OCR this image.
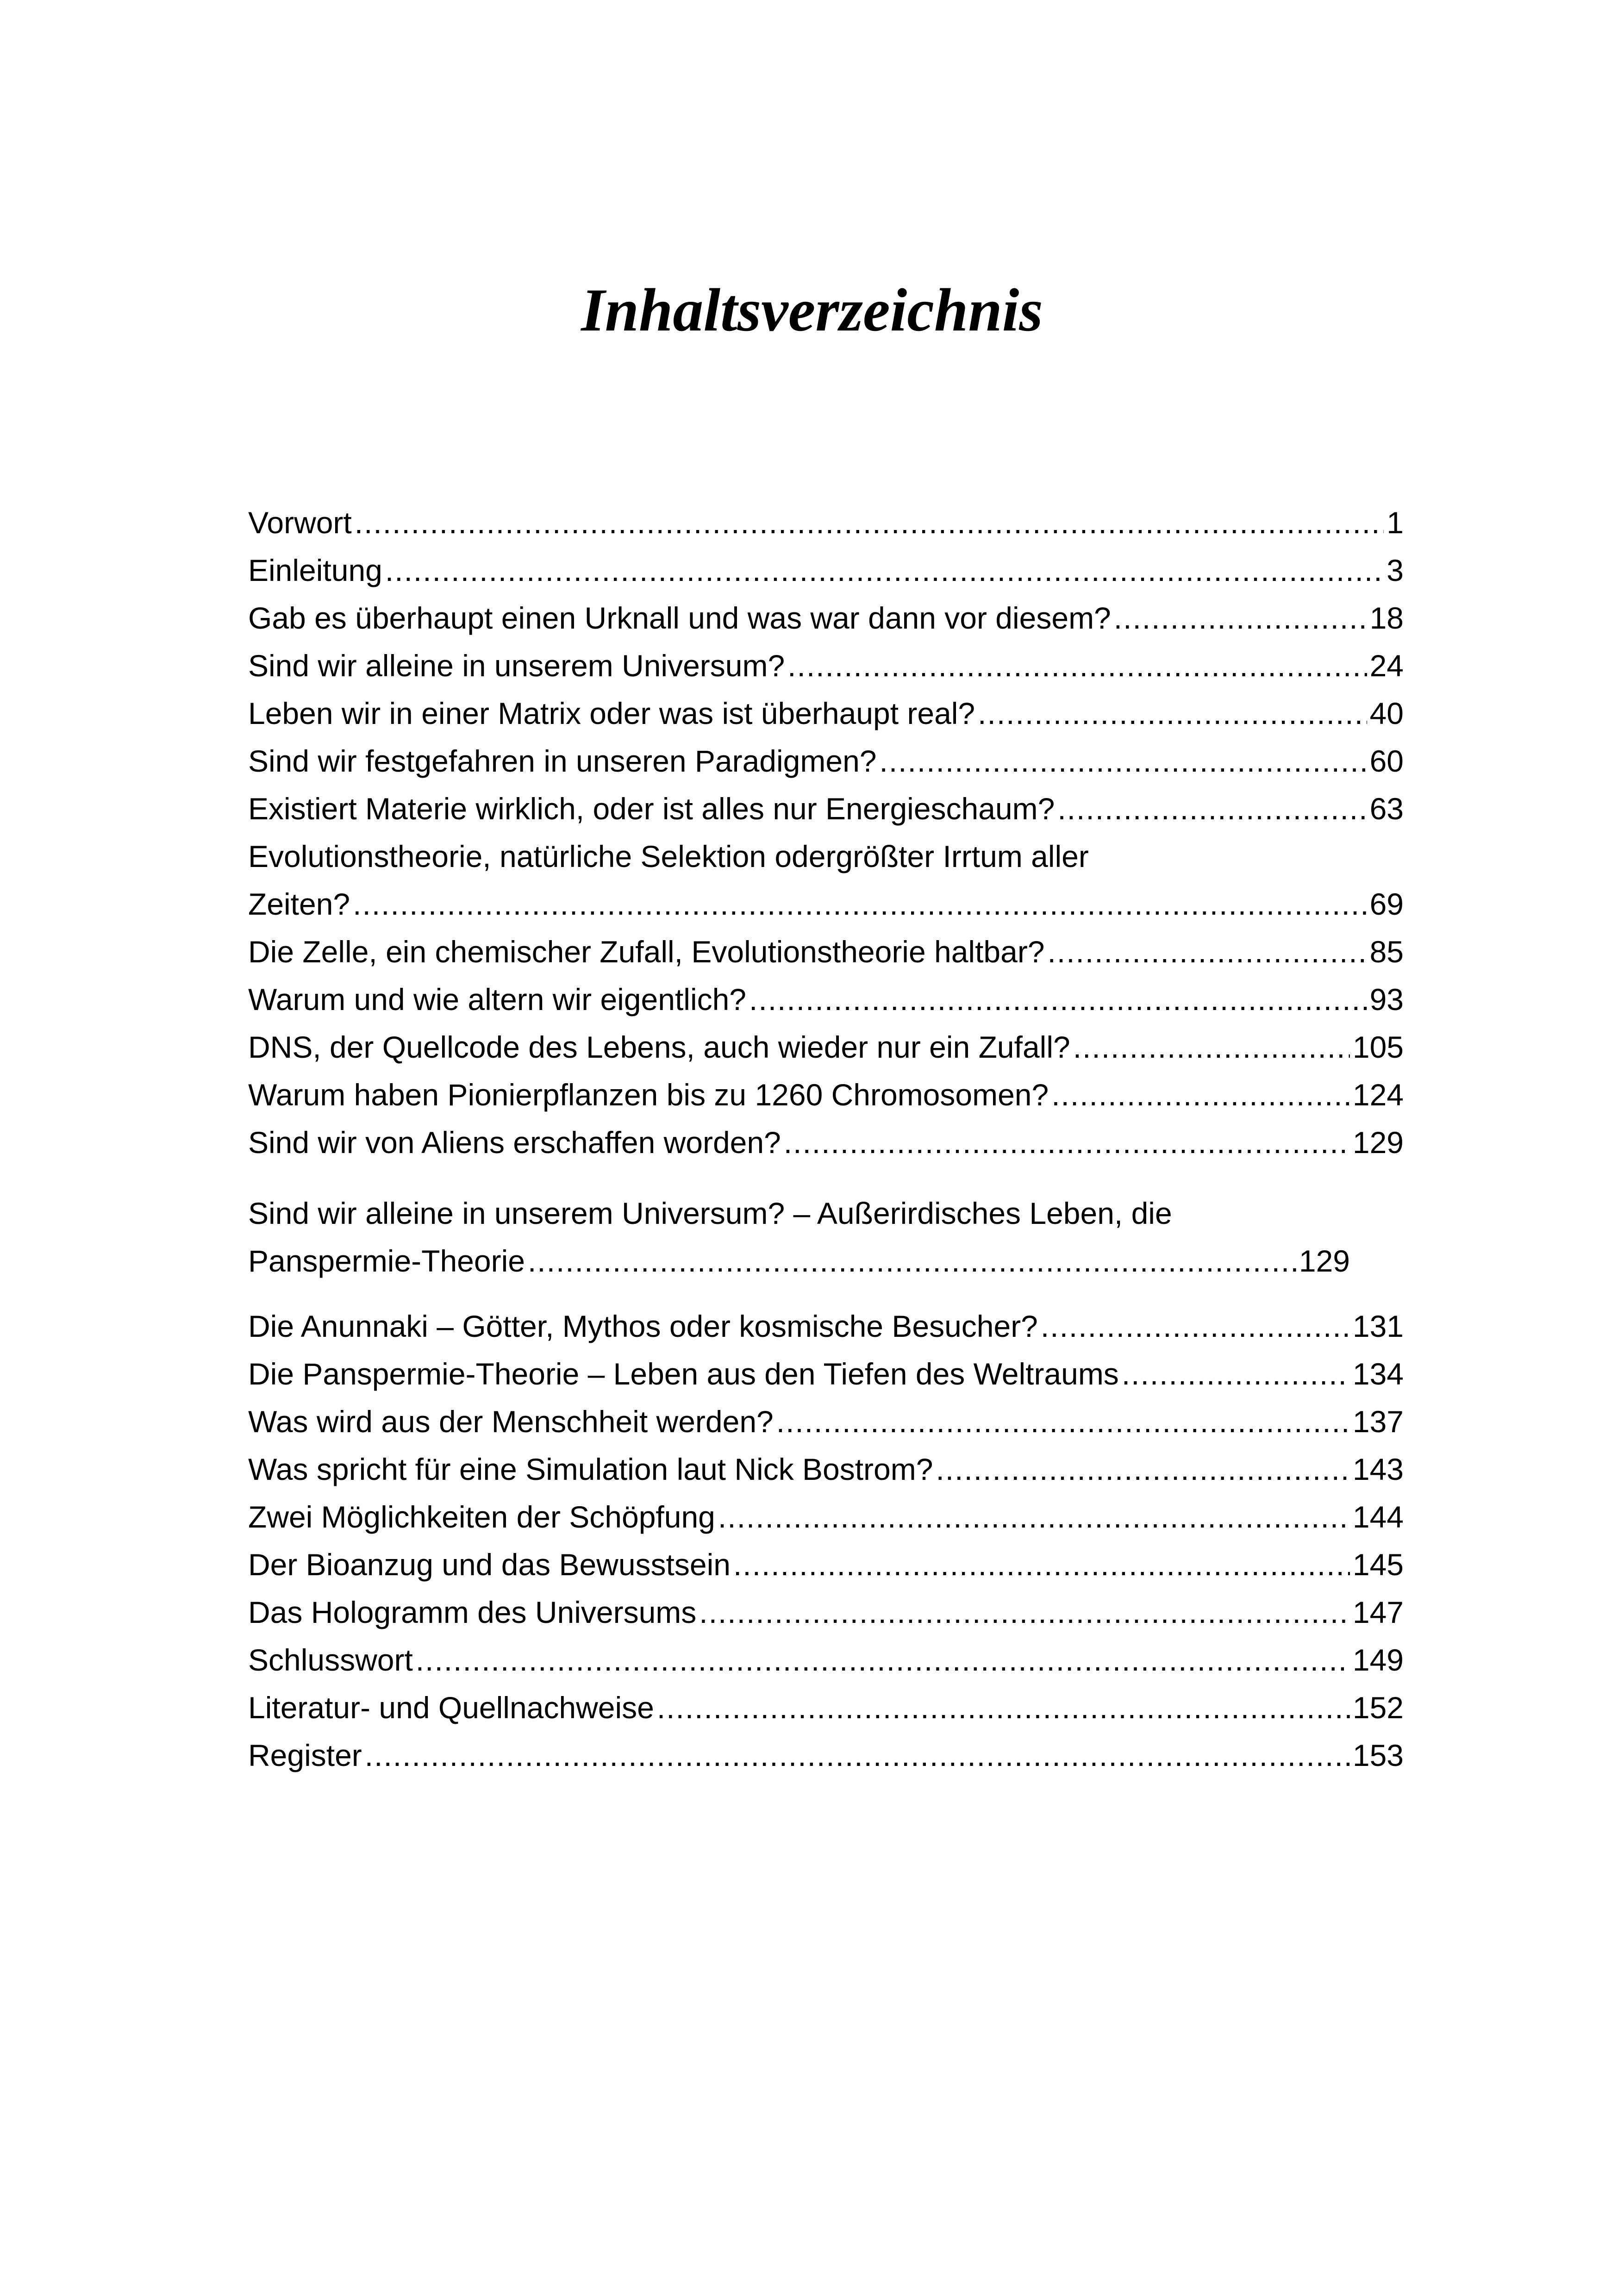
Inhaltsverzeichnis
Vorwort .....	1
Einleitung .....	3
Gab es überhaupt einen Urknall und was war dann vor diesem? .....	18
Sind wir alleine in unserem Universum? .....	24
Leben wir in einer Matrix oder was ist überhaupt real? .....	40
Sind wir festgefahren in unseren Paradigmen? .....	60
Existiert Materie wirklich, oder ist alles nur Energieschaum? .....	63
Evolutionstheorie, natürliche Selektion odergrößter Irrtum aller
Zeiten? .....	69
Die Zelle, ein chemischer Zufall, Evolutionstheorie haltbar? .....	85
Warum und wie altern wir eigentlich? .....	93
DNS, der Quellcode des Lebens, auch wieder nur ein Zufall? .....	105
Warum haben Pionierpflanzen bis zu 1260 Chromosomen? .....	124
Sind wir von Aliens erschaffen worden? .....	129
Sind wir alleine in unserem Universum? – Außerirdisches Leben, die
Panspermie-Theorie .....	129
Die Anunnaki – Götter, Mythos oder kosmische Besucher? .....	131
Die Panspermie-Theorie – Leben aus den Tiefen des Weltraums .....	134
Was wird aus der Menschheit werden? .....	137
Was spricht für eine Simulation laut Nick Bostrom? .....	143
Zwei Möglichkeiten der Schöpfung .....	144
Der Bioanzug und das Bewusstsein .....	145
Das Hologramm des Universums .....	147
Schlusswort .....	149
Literatur- und Quellnachweise .....	152
Register .....	153
